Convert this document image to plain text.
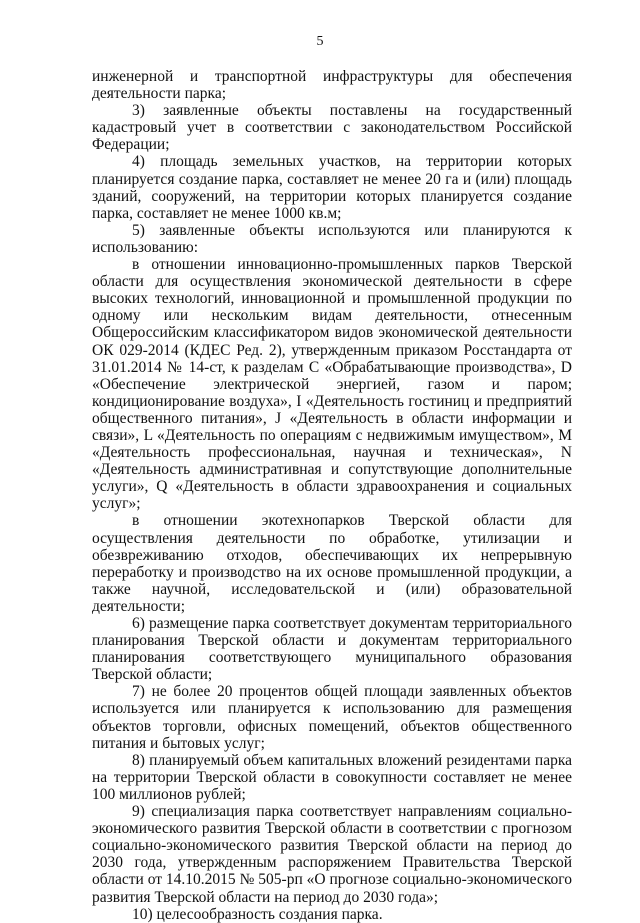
5

инженерной и транспортной инфраструктуры для обеспечения деятельности парка;

3) заявленные объекты поставлены на государственный кадастровый учет в соответствии с законодательством Российской Федерации;

4) площадь земельных участков, на территории которых планируется создание парка, составляет не менее 20 га и (или) площадь зданий, сооружений, на территории которых планируется создание парка, составляет не менее 1000 кв.м;

5) заявленные объекты используются или планируются к использованию:

в отношении инновационно-промышленных парков Тверской области для осуществления экономической деятельности в сфере высоких технологий, инновационной и промышленной продукции по одному или нескольким видам деятельности, отнесенным Общероссийским классификатором видов экономической деятельности ОК 029-2014 (КДЕС Ред. 2), утвержденным приказом Росстандарта от 31.01.2014 № 14-ст, к разделам С «Обрабатывающие производства», D «Обеспечение электрической энергией, газом и паром; кондиционирование воздуха», I «Деятельность гостиниц и предприятий общественного питания», J «Деятельность в области информации и связи», L «Деятельность по операциям с недвижимым имуществом», M «Деятельность профессиональная, научная и техническая», N «Деятельность административная и сопутствующие дополнительные услуги», Q «Деятельность в области здравоохранения и социальных услуг»;

в отношении экотехнопарков Тверской области для осуществления деятельности по обработке, утилизации и обезвреживанию отходов, обеспечивающих их непрерывную переработку и производство на их основе промышленной продукции, а также научной, исследовательской и (или) образовательной деятельности;

6) размещение парка соответствует документам территориального планирования Тверской области и документам территориального планирования соответствующего муниципального образования Тверской области;

7) не более 20 процентов общей площади заявленных объектов используется или планируется к использованию для размещения объектов торговли, офисных помещений, объектов общественного питания и бытовых услуг;

8) планируемый объем капитальных вложений резидентами парка на территории Тверской области в совокупности составляет не менее 100 миллионов рублей;

9) специализация парка соответствует направлениям социально-экономического развития Тверской области в соответствии с прогнозом социально-экономического развития Тверской области на период до 2030 года, утвержденным распоряжением Правительства Тверской области от 14.10.2015 № 505-рп «О прогнозе социально-экономического развития Тверской области на период до 2030 года»;

10) целесообразность создания парка.
